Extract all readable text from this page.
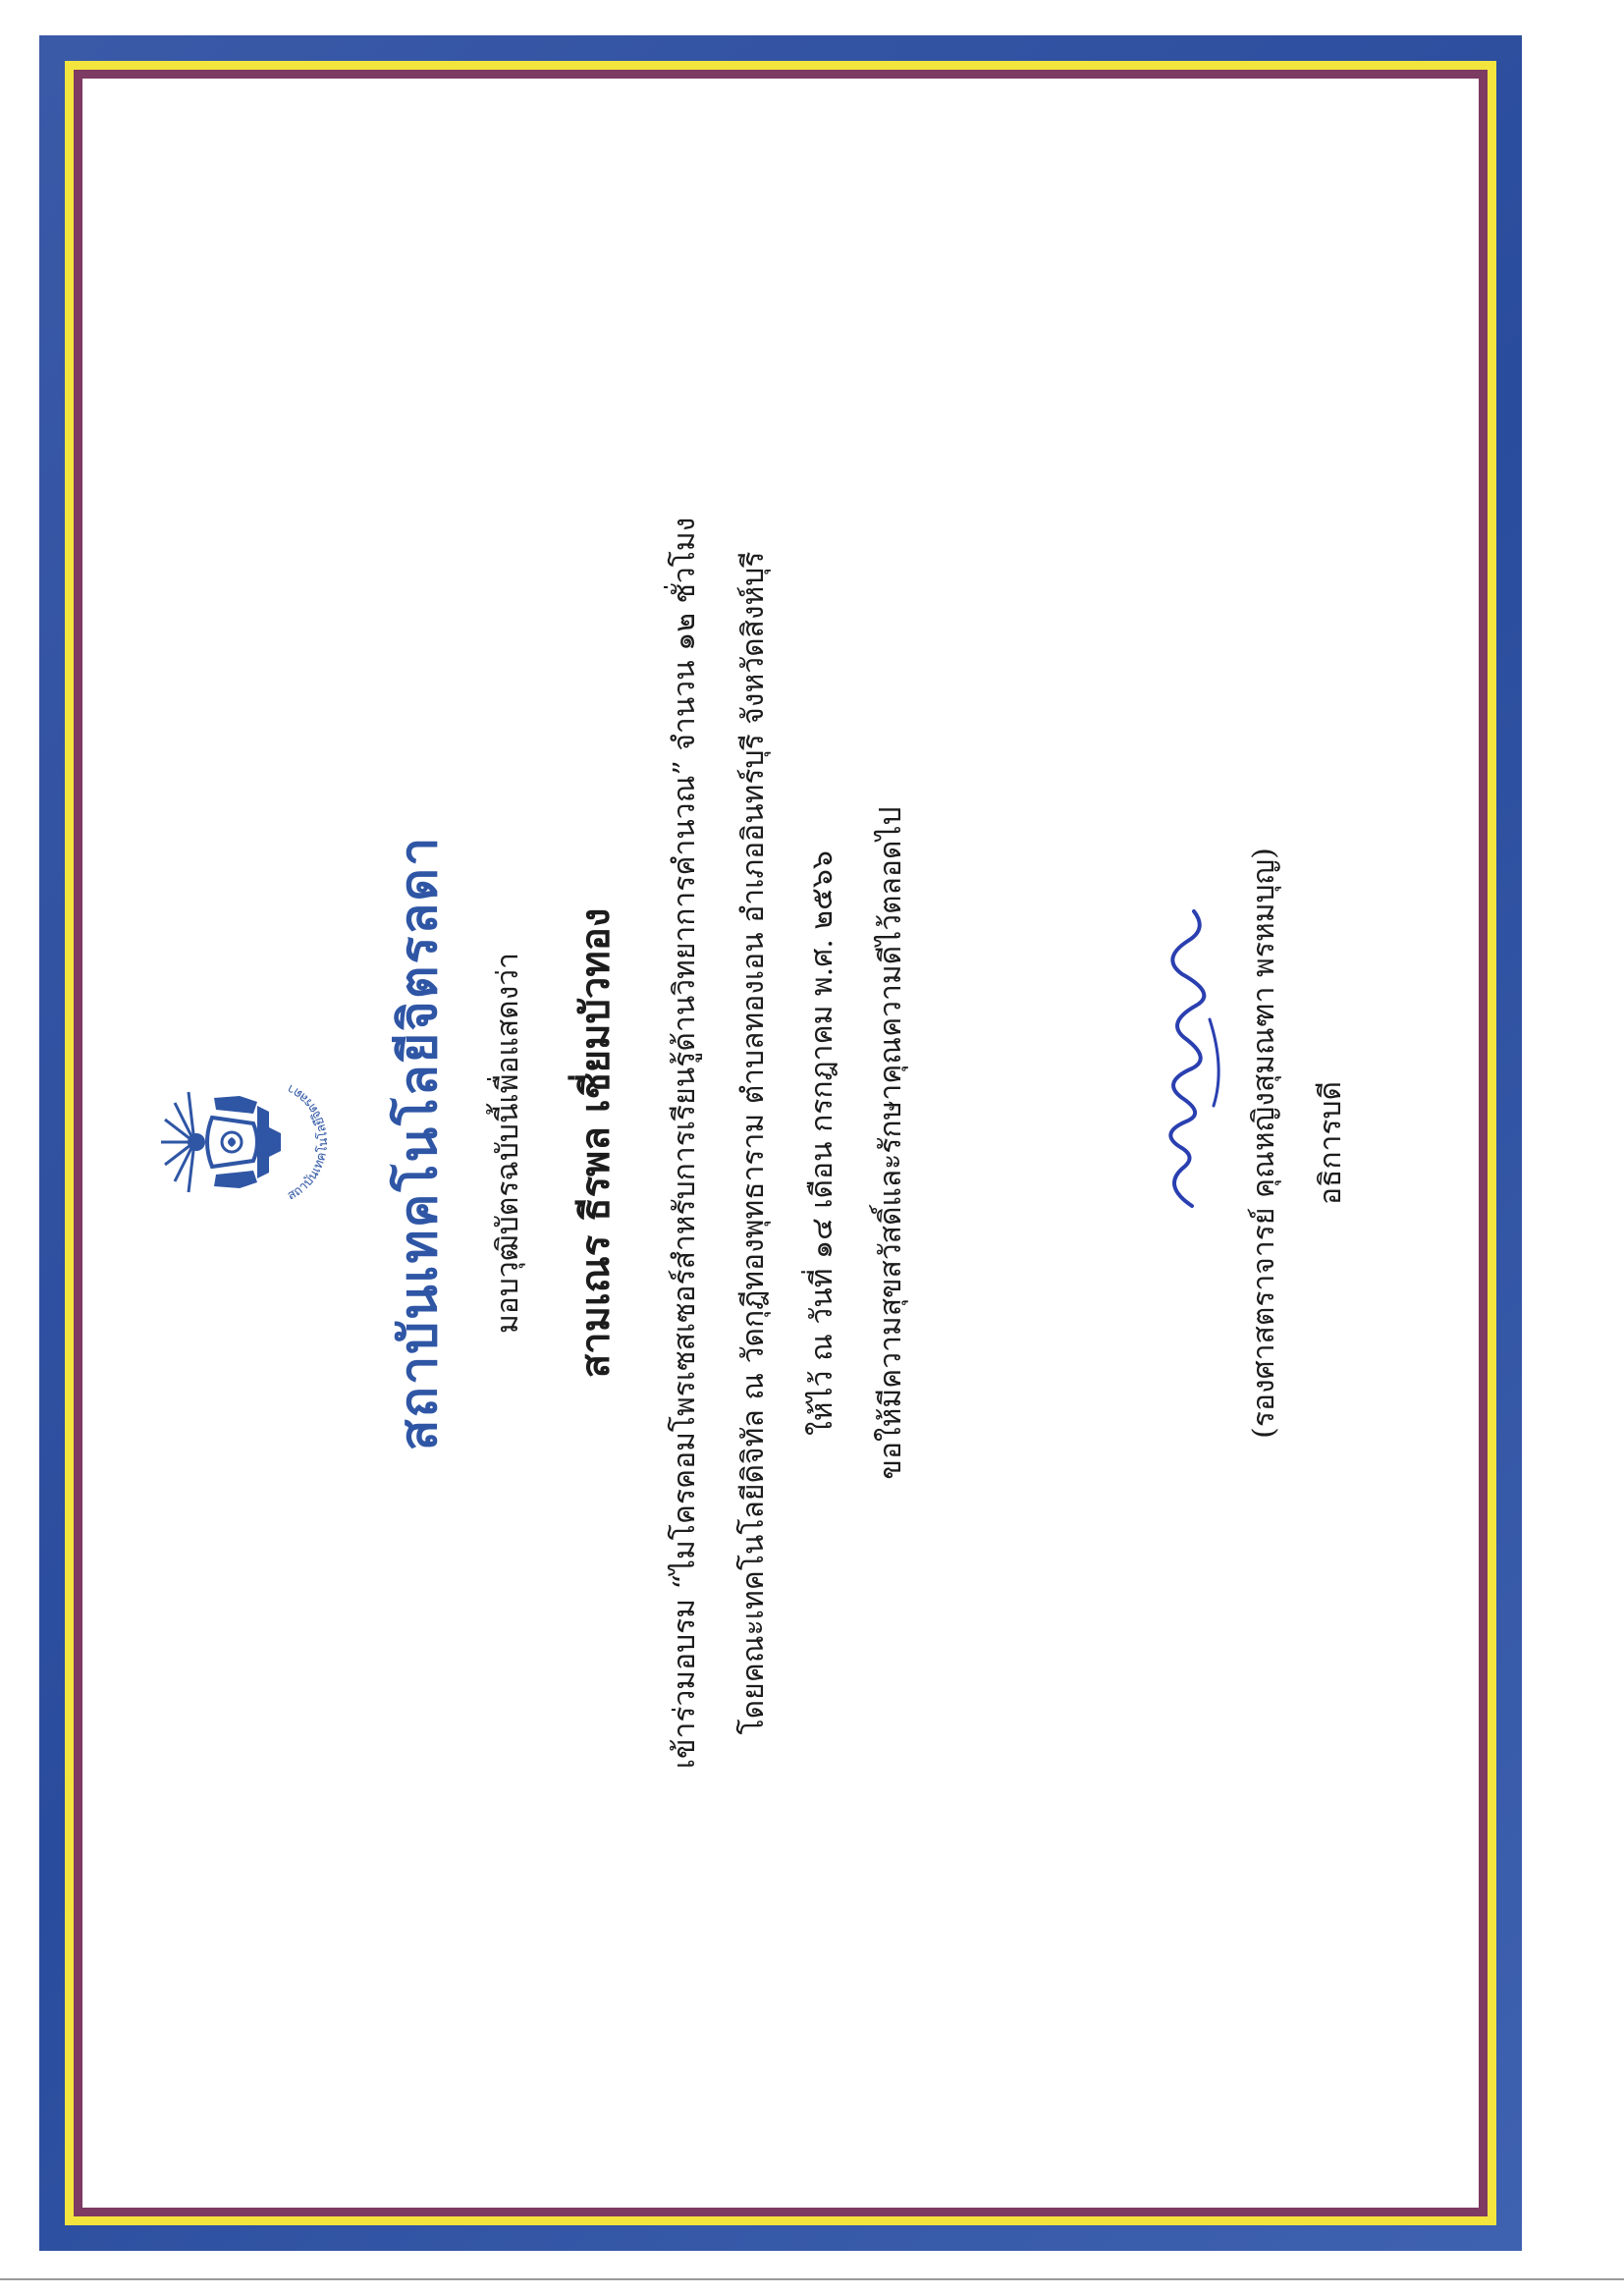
สถาบันเทคโนโลยีจิตรลดา	สถาบันเทคโนโลยีจิตรลดา	มอบวุฒิบัตรฉบับนี้เพื่อแสดงว่า สามเณร ธีรพล เชี่ยมบัวทอง เข้าร่วมอบรม “ไมโครคอมโพรเซสเซอร์สำหรับการเรียนรู้ด้านวิทยาการคำนวณ” จำนวน ๑๒ ชั่วโมง โดยคณะเทคโนโลยีดิจิทัล ณ วัดกุฎีทองพุทธาราม ตำบลทองเอน อำเภออินทร์บุรี จังหวัดสิงห์บุรี ให้ไว้ ณ วันที่ ๑๔ เดือน กรกฎาคม พ.ศ. ๒๕๖๖ ขอให้มีความสุขสวัสดิ์และรักษาคุณความดีไว้ตลอดไป	(รองศาสตราจารย์ คุณหญิงสุมณฑา พรหมบุญ) อธิการบดี
